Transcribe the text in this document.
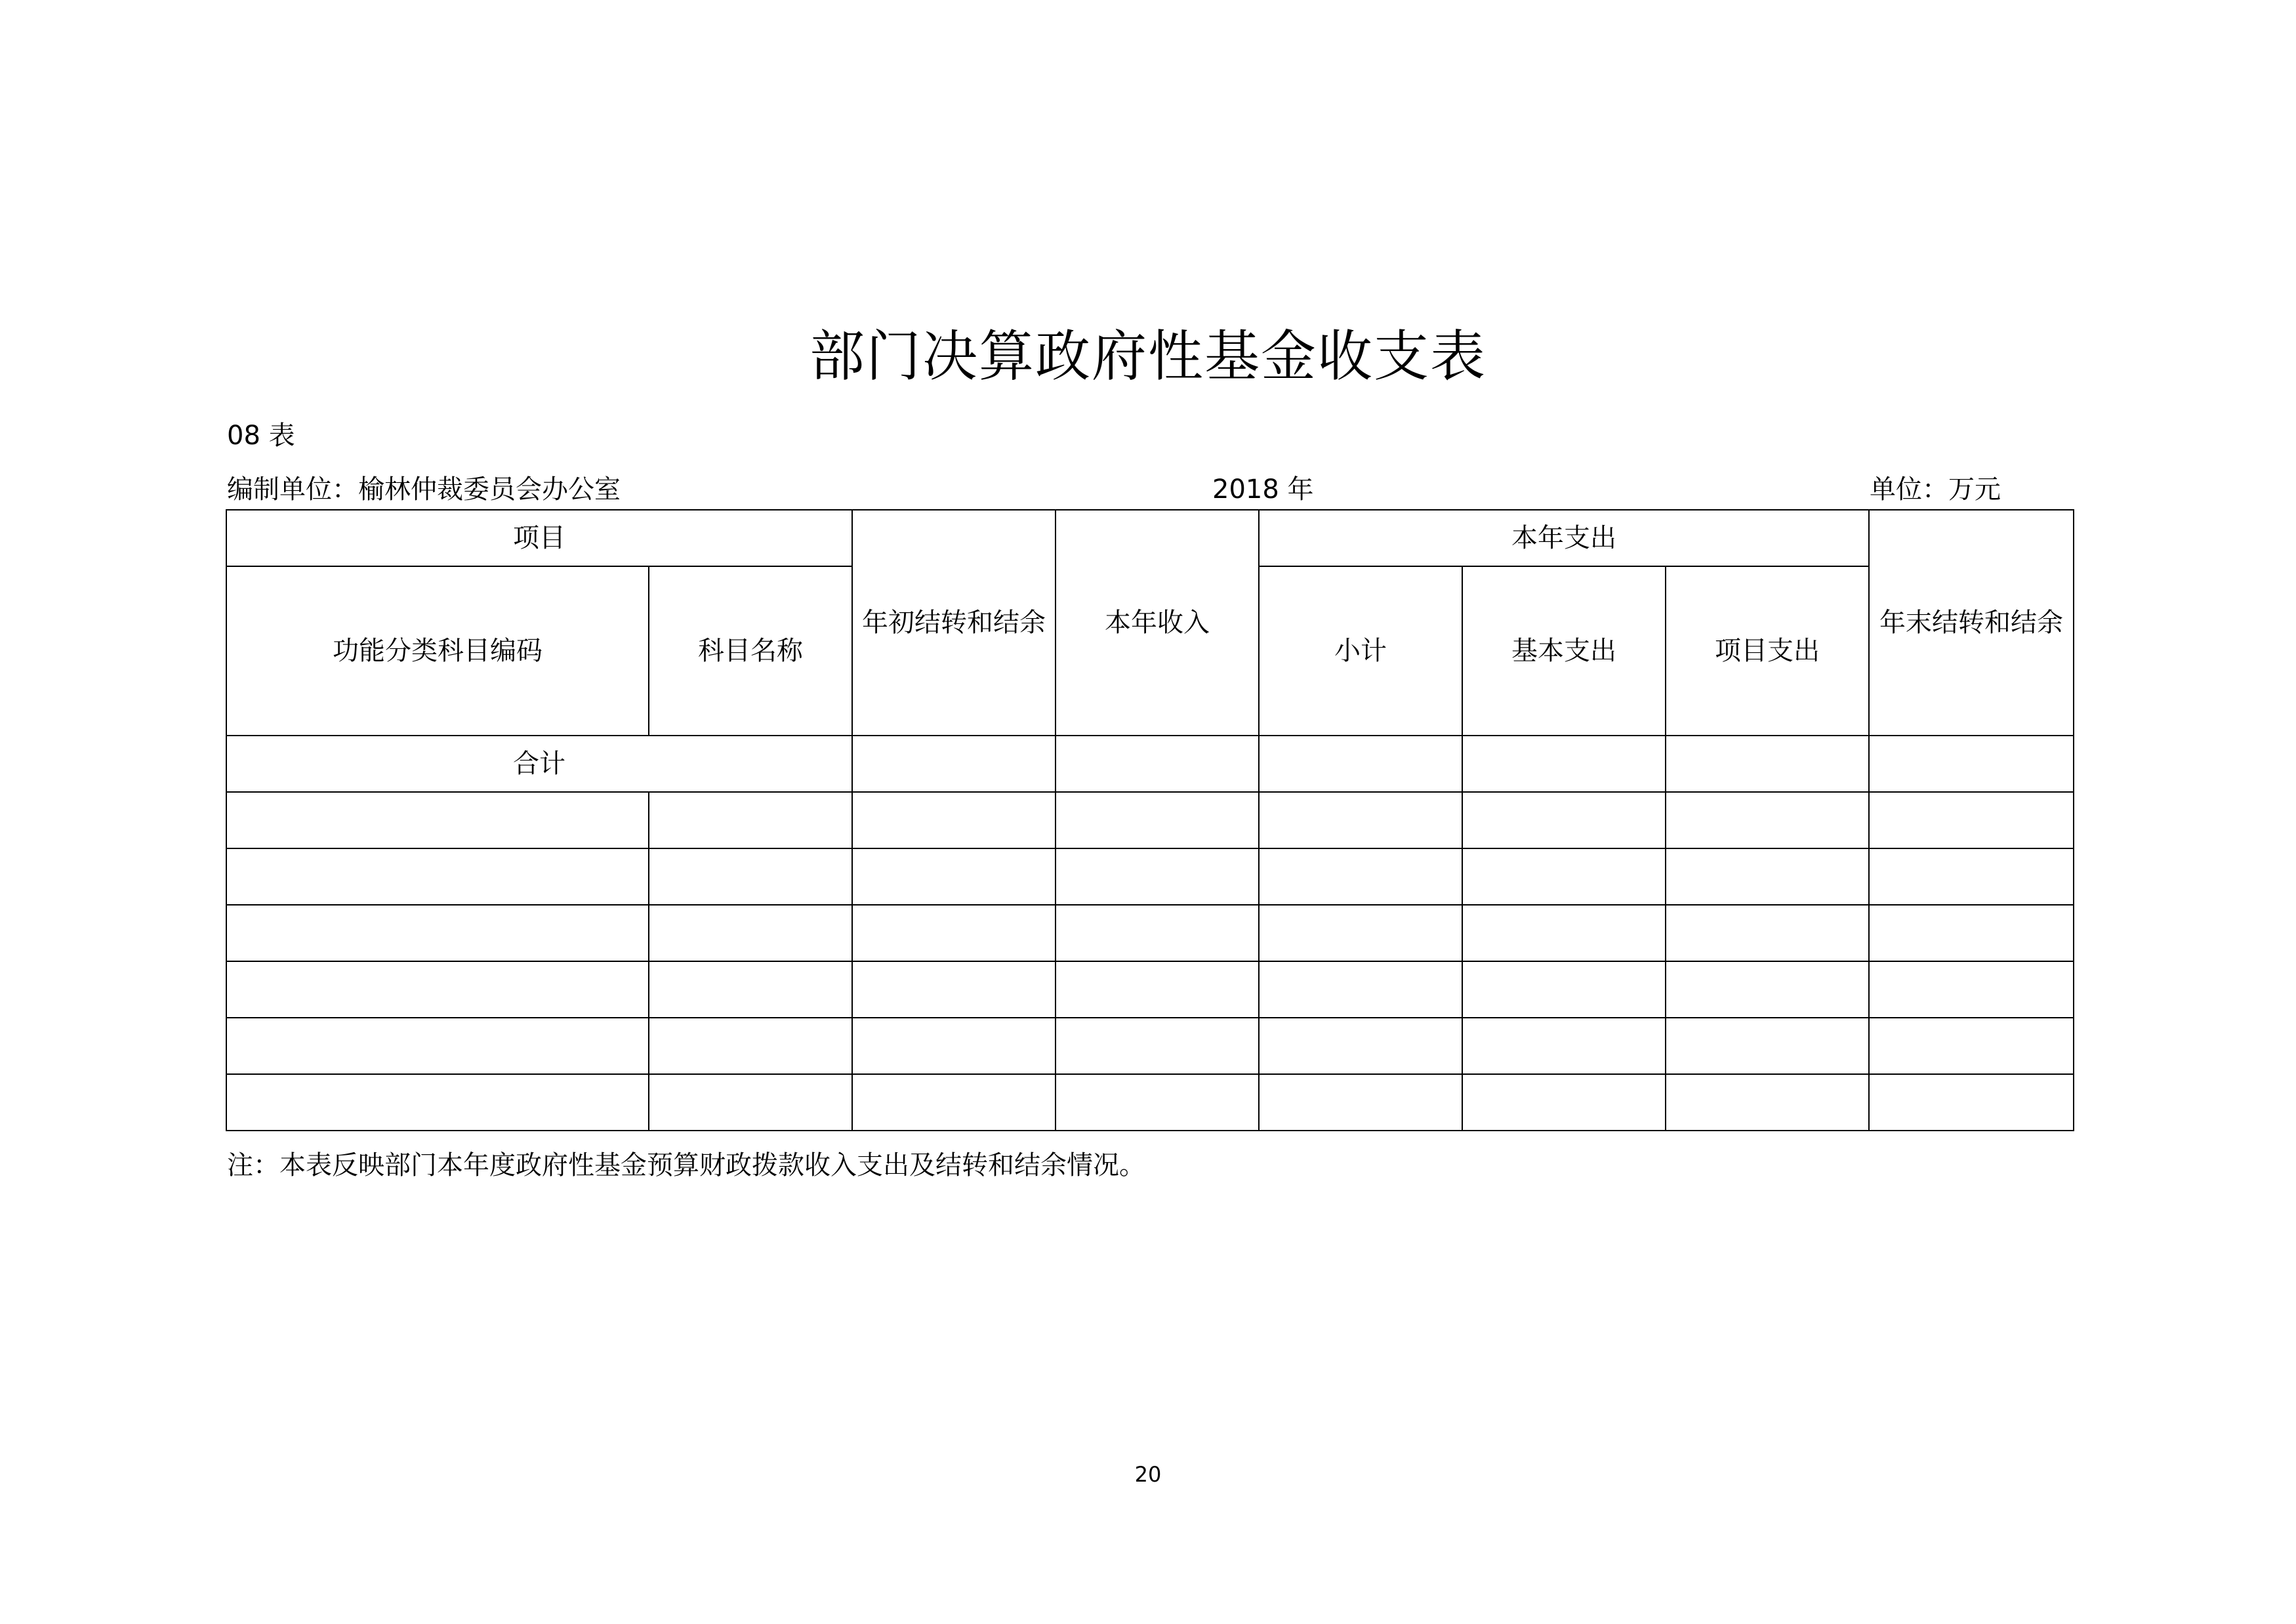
部门决算政府性基金收支表
08 表
编制单位：榆林仲裁委员会办公室	2018 年	单位：万元
项目		年初结转和结余	本年收入	本年支出			年末结转和结余
功能分类科目编码	科目名称			小计	基本支出	项目支出	
合计							

注：本表反映部门本年度政府性基金预算财政拨款收入支出及结转和结余情况。
20
